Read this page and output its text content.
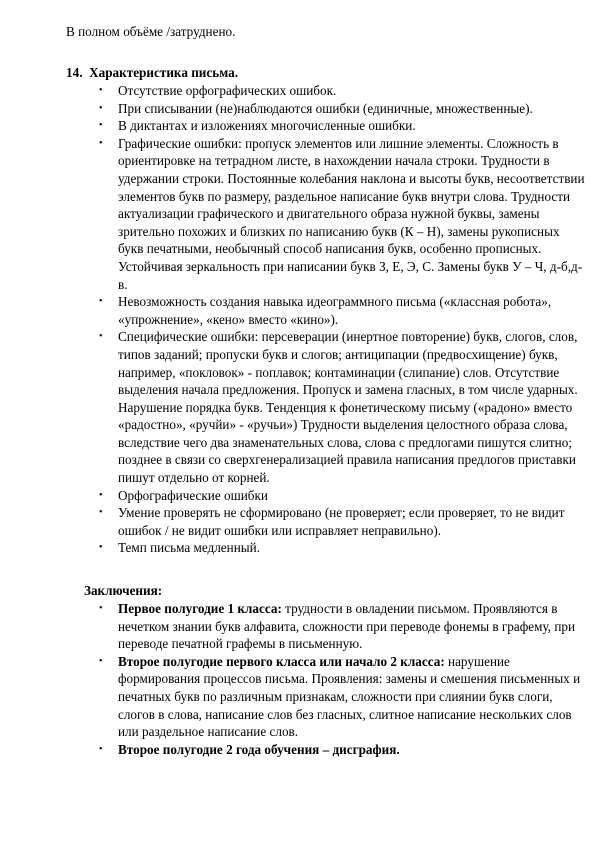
В полном объёме /затруднено.
14. Характеристика письма.
• Отсутствие орфографических ошибок.
• При списывании (не)наблюдаются ошибки (единичные, множественные).
• В диктантах и изложениях многочисленные ошибки.
• Графические ошибки: пропуск элементов или лишние элементы. Сложность в ориентировке на тетрадном листе, в нахождении начала строки. Трудности в удержании строки. Постоянные колебания наклона и высоты букв, несоответствии элементов букв по размеру, раздельное написание букв внутри слова. Трудности актуализации графического и двигательного образа нужной буквы, замены зрительно похожих и близких по написанию букв (К – Н), замены рукописных букв печатными, необычный способ написания букв, особенно прописных. Устойчивая зеркальность при написании букв З, Е, Э, С. Замены букв У – Ч, д-б,д-в.
• Невозможность создания навыка идеограммного письма («классная робота», «упрожнение», «кено» вместо «кино»).
• Специфические ошибки: персеверации (инертное повторение) букв, слогов, слов, типов заданий; пропуски букв и слогов; антиципации (предвосхищение) букв, например, «покловок» - поплавок; контаминации (слипание) слов. Отсутствие выделения начала предложения. Пропуск и замена гласных, в том числе ударных. Нарушение порядка букв. Тенденция к фонетическому письму («радоно» вместо «радостно», «ручйи» - «ручьи») Трудности выделения целостного образа слова, вследствие чего два знаменательных слова, слова с предлогами пишутся слитно; позднее в связи со сверхгенерализацией правила написания предлогов приставки пишут отдельно от корней.
• Орфографические ошибки
• Умение проверять не сформировано (не проверяет; если проверяет, то не видит ошибок / не видит ошибки или исправляет неправильно).
• Темп письма медленный.
Заключения:
• Первое полугодие 1 класса: трудности в овладении письмом. Проявляются в нечетком знании букв алфавита, сложности при переводе фонемы в графему, при переводе печатной графемы в письменную.
• Второе полугодие первого класса или начало 2 класса: нарушение формирования процессов письма. Проявления: замены и смешения письменных и печатных букв по различным признакам, сложности при слиянии букв слоги, слогов в слова, написание слов без гласных, слитное написание нескольких слов или раздельное написание слов.
• Второе полугодие 2 года обучения – дисграфия.
